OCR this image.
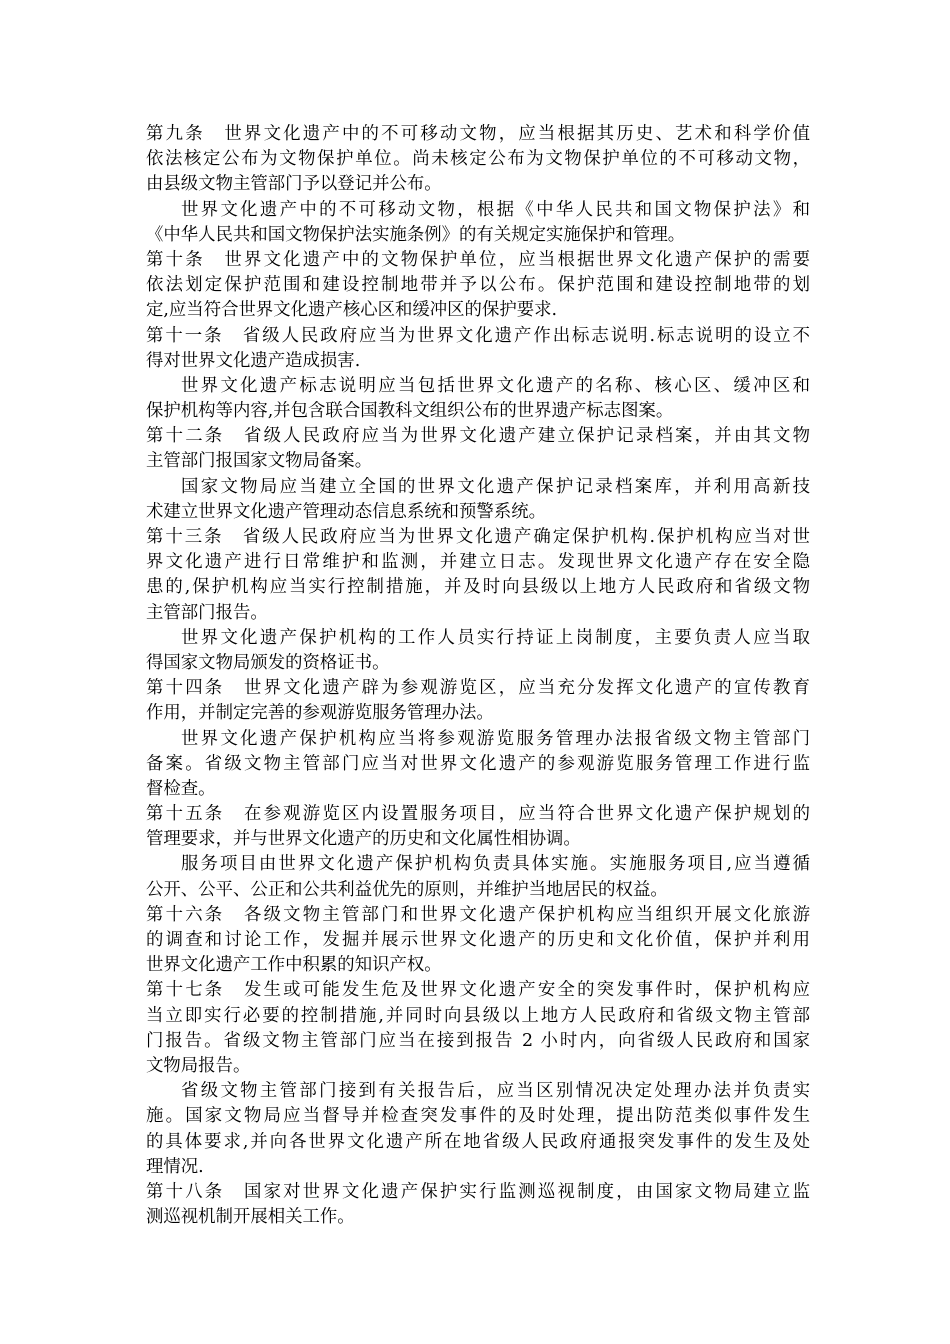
第九条　世界文化遗产中的不可移动文物，应当根据其历史、艺术和科学价值
依法核定公布为文物保护单位。尚未核定公布为文物保护单位的不可移动文物，
由县级文物主管部门予以登记并公布。
世界文化遗产中的不可移动文物，根据《中华人民共和国文物保护法》和
《中华人民共和国文物保护法实施条例》的有关规定实施保护和管理。
第十条　世界文化遗产中的文物保护单位，应当根据世界文化遗产保护的需要
依法划定保护范围和建设控制地带并予以公布。保护范围和建设控制地带的划
定,应当符合世界文化遗产核心区和缓冲区的保护要求.
第十一条　省级人民政府应当为世界文化遗产作出标志说明.标志说明的设立不
得对世界文化遗产造成损害.
世界文化遗产标志说明应当包括世界文化遗产的名称、核心区、缓冲区和
保护机构等内容,并包含联合国教科文组织公布的世界遗产标志图案。
第十二条　省级人民政府应当为世界文化遗产建立保护记录档案，并由其文物
主管部门报国家文物局备案。
国家文物局应当建立全国的世界文化遗产保护记录档案库，并利用高新技
术建立世界文化遗产管理动态信息系统和预警系统。
第十三条　省级人民政府应当为世界文化遗产确定保护机构.保护机构应当对世
界文化遗产进行日常维护和监测，并建立日志。发现世界文化遗产存在安全隐
患的,保护机构应当实行控制措施，并及时向县级以上地方人民政府和省级文物
主管部门报告。
世界文化遗产保护机构的工作人员实行持证上岗制度，主要负责人应当取
得国家文物局颁发的资格证书。
第十四条　世界文化遗产辟为参观游览区，应当充分发挥文化遗产的宣传教育
作用，并制定完善的参观游览服务管理办法。
世界文化遗产保护机构应当将参观游览服务管理办法报省级文物主管部门
备案。省级文物主管部门应当对世界文化遗产的参观游览服务管理工作进行监
督检查。
第十五条　在参观游览区内设置服务项目，应当符合世界文化遗产保护规划的
管理要求，并与世界文化遗产的历史和文化属性相协调。
服务项目由世界文化遗产保护机构负责具体实施。实施服务项目,应当遵循
公开、公平、公正和公共利益优先的原则，并维护当地居民的权益。
第十六条　各级文物主管部门和世界文化遗产保护机构应当组织开展文化旅游
的调查和讨论工作，发掘并展示世界文化遗产的历史和文化价值，保护并利用
世界文化遗产工作中积累的知识产权。
第十七条　发生或可能发生危及世界文化遗产安全的突发事件时，保护机构应
当立即实行必要的控制措施,并同时向县级以上地方人民政府和省级文物主管部
门报告。省级文物主管部门应当在接到报告 2 小时内，向省级人民政府和国家
文物局报告。
省级文物主管部门接到有关报告后，应当区别情况决定处理办法并负责实
施。国家文物局应当督导并检查突发事件的及时处理，提出防范类似事件发生
的具体要求,并向各世界文化遗产所在地省级人民政府通报突发事件的发生及处
理情况.
第十八条　国家对世界文化遗产保护实行监测巡视制度，由国家文物局建立监
测巡视机制开展相关工作。
